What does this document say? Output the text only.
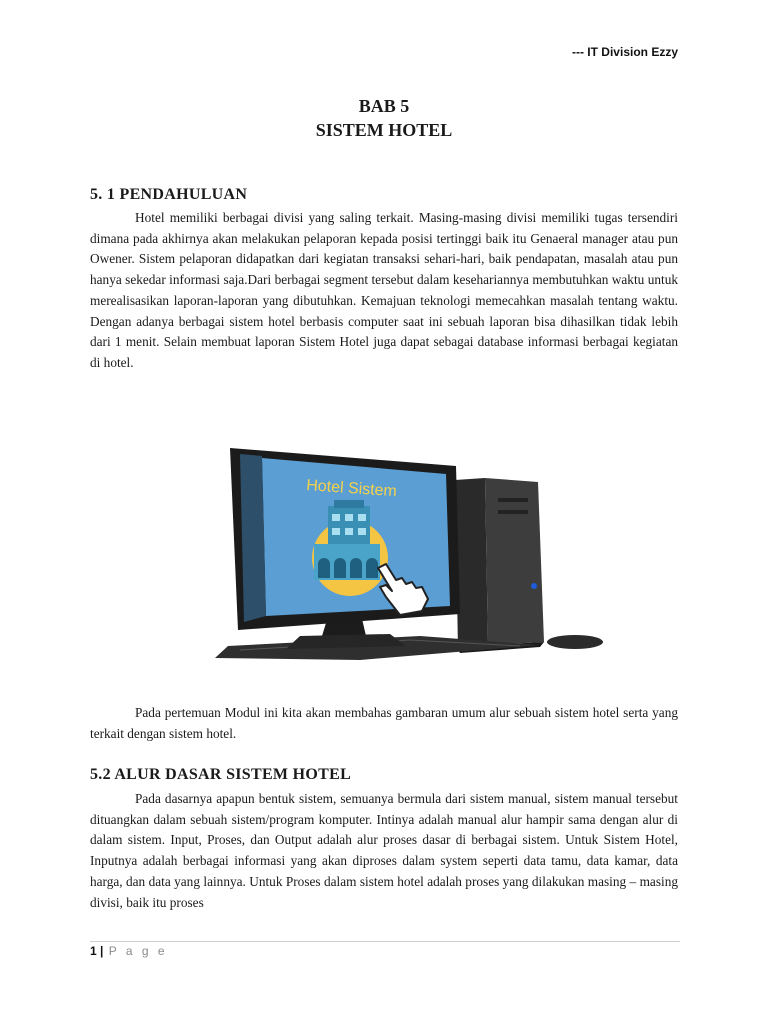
--- IT Division Ezzy
BAB 5
SISTEM HOTEL
5. 1 PENDAHULUAN

Hotel memiliki berbagai divisi yang saling terkait. Masing-masing divisi memiliki tugas tersendiri dimana pada akhirnya akan melakukan pelaporan kepada posisi tertinggi baik itu Genaeral manager atau pun Owener. Sistem pelaporan didapatkan dari kegiatan transaksi sehari-hari, baik pendapatan, masalah atau pun hanya sekedar informasi saja.Dari berbagai segment tersebut dalam kesehariannya membutuhkan waktu untuk merealisasikan laporan-laporan yang dibutuhkan. Kemajuan teknologi memecahkan masalah tentang waktu. Dengan adanya berbagai sistem hotel berbasis computer saat ini sebuah laporan bisa dihasilkan tidak lebih dari 1 menit. Selain membuat laporan Sistem Hotel juga dapat sebagai database informasi berbagai kegiatan di hotel.

Hotel Sistem

Pada pertemuan Modul ini kita akan membahas gambaran umum alur sebuah sistem hotel serta yang terkait dengan sistem hotel.

5.2 ALUR DASAR SISTEM HOTEL

Pada dasarnya apapun bentuk sistem, semuanya bermula dari sistem manual, sistem manual tersebut dituangkan dalam sebuah sistem/program komputer. Intinya adalah manual alur hampir sama dengan alur di dalam sistem. Input, Proses, dan Output adalah alur proses dasar di berbagai sistem. Untuk Sistem Hotel, Inputnya adalah berbagai informasi yang akan diproses dalam system seperti data tamu, data kamar, data harga, dan data yang lainnya. Untuk Proses dalam sistem hotel adalah proses yang dilakukan masing – masing divisi, baik itu proses

1 | P a g e
